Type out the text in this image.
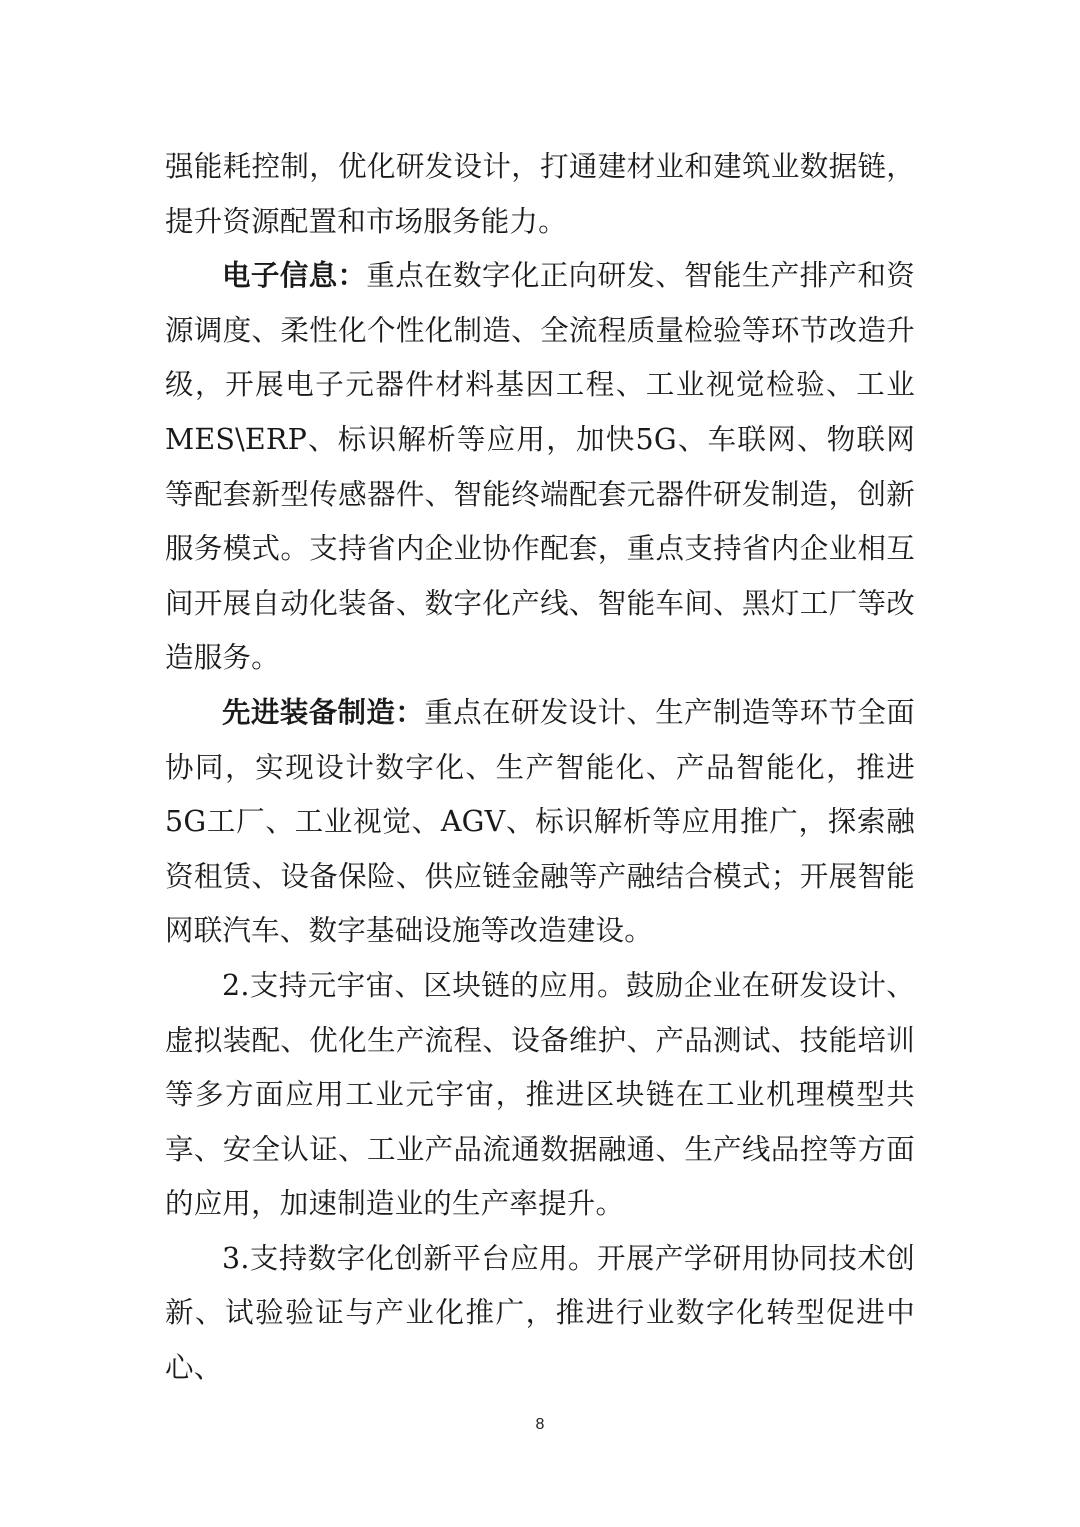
强能耗控制，优化研发设计，打通建材业和建筑业数据链，提升资源配置和市场服务能力。

电子信息：重点在数字化正向研发、智能生产排产和资源调度、柔性化个性化制造、全流程质量检验等环节改造升级，开展电子元器件材料基因工程、工业视觉检验、工业MES\ERP、标识解析等应用，加快5G、车联网、物联网等配套新型传感器件、智能终端配套元器件研发制造，创新服务模式。支持省内企业协作配套，重点支持省内企业相互间开展自动化装备、数字化产线、智能车间、黑灯工厂等改造服务。

先进装备制造：重点在研发设计、生产制造等环节全面协同，实现设计数字化、生产智能化、产品智能化，推进5G工厂、工业视觉、AGV、标识解析等应用推广，探索融资租赁、设备保险、供应链金融等产融结合模式；开展智能网联汽车、数字基础设施等改造建设。

2.支持元宇宙、区块链的应用。鼓励企业在研发设计、虚拟装配、优化生产流程、设备维护、产品测试、技能培训等多方面应用工业元宇宙，推进区块链在工业机理模型共享、安全认证、工业产品流通数据融通、生产线品控等方面的应用，加速制造业的生产率提升。

3.支持数字化创新平台应用。开展产学研用协同技术创新、试验验证与产业化推广，推进行业数字化转型促进中心、

8
